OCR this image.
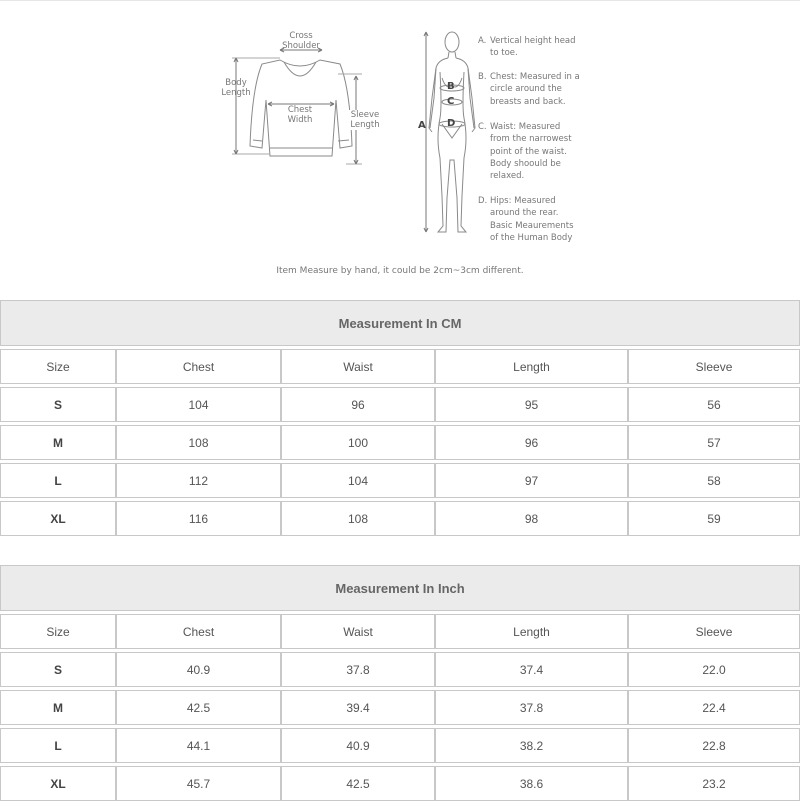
Cross
Shoulder
Body
Length
Chest
Width	Sleeve
Length	A
B
C
D
A. Vertical height head
to toe.
B. Chest: Measured in a
circle around the
breasts and back.
C. Waist: Measured
from the narrowest
point of the waist.
Body shoould be
relaxed.
D. Hips: Measured
around the rear.
Basic Meaurements
of the Human Body
Item Measure by hand, it could be 2cm~3cm different.
Measurement In CM				

Size	Chest	Waist	Length	Sleeve

S	104	96	95	56

M	108	100	96	57

L	112	104	97	58

XL	116	108	98	59
Measurement In Inch				

Size	Chest	Waist	Length	Sleeve

S	40.9	37.8	37.4	22.0

M	42.5	39.4	37.8	22.4

L	44.1	40.9	38.2	22.8

XL	45.7	42.5	38.6	23.2
